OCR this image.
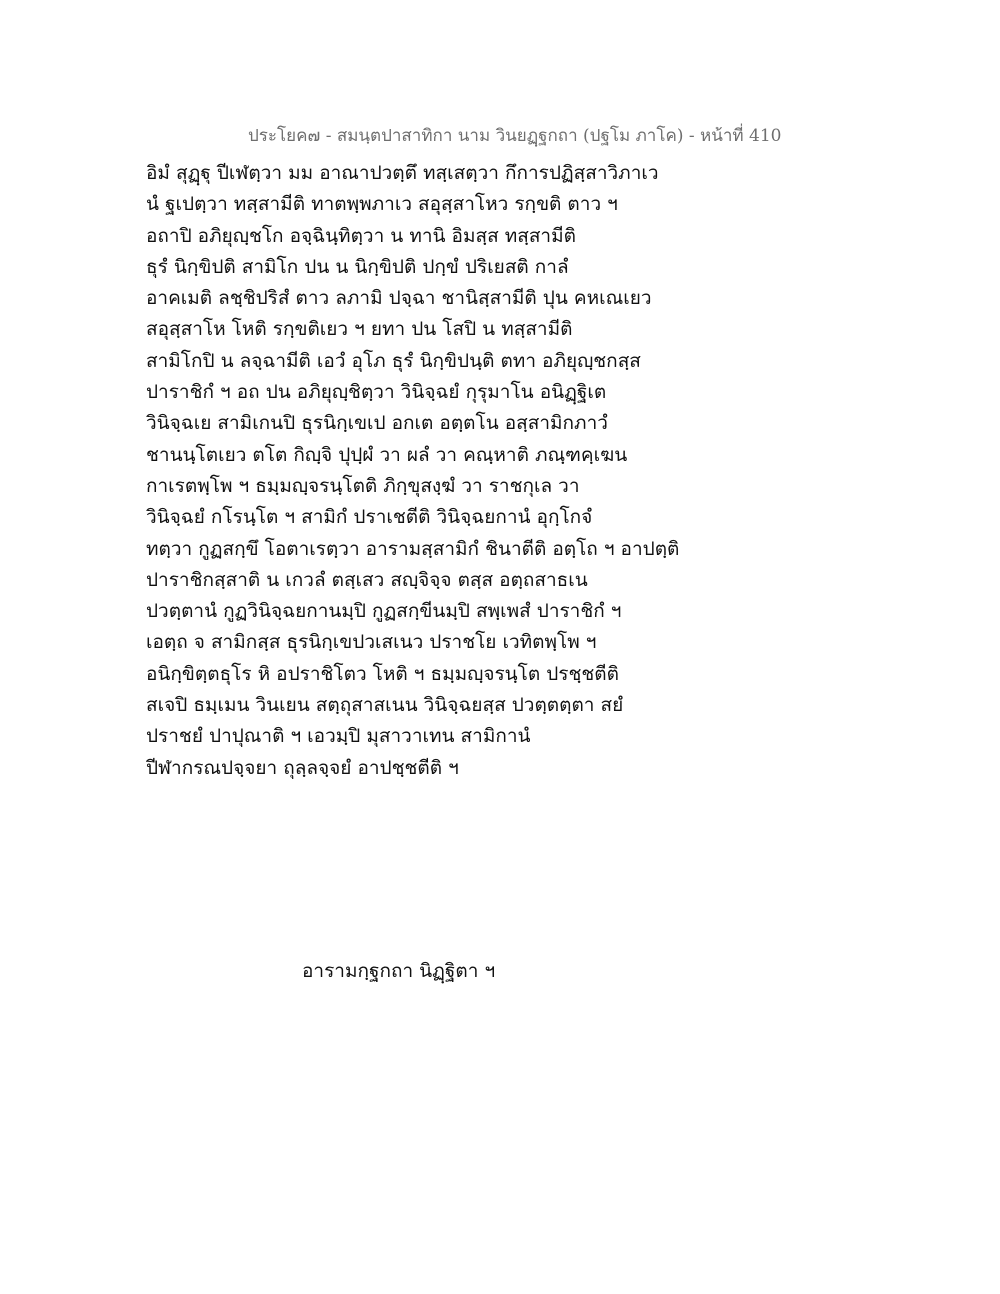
ประโยค๗ - สมนฺตปาสาทิกา นาม วินยฏฺฐกถา (ปฐโม ภาโค) - หน้าที่ 410
อิมํ สุฏฺฐุ ปีเฬตฺวา มม อาณาปวตฺตึ ทสฺเสตฺวา กึการปฏิสฺสาวิภาเว
นํ ฐเปตฺวา ทสฺสามีติ ทาตพฺพภาเว สอุสฺสาโหว รกฺขติ ตาว ฯ
อถาปิ อภิยุญฺชโก อจฺฉินฺทิตฺวา น ทานิ อิมสฺส ทสฺสามีติ
ธุรํ นิกฺขิปติ สามิโก ปน น นิกฺขิปติ ปกฺขํ ปริเยสติ กาลํ
อาคเมติ ลชฺชิปริสํ ตาว ลภามิ ปจฺฉา ชานิสฺสามีติ ปุน คหเณเยว
สอุสฺสาโห โหติ รกฺขติเยว ฯ ยทา ปน โสปิ น ทสฺสามีติ
สามิโกปิ น ลจฺฉามีติ เอวํ อุโภ ธุรํ นิกฺขิปนฺติ ตทา อภิยุญฺชกสฺส
ปาราชิกํ ฯ อถ ปน อภิยุญฺชิตฺวา วินิจฺฉยํ กุรุมาโน อนิฏฺฐิเต
วินิจฺฉเย สามิเกนปิ ธุรนิกฺเขเป อกเต อตฺตโน อสฺสามิกภาวํ
ชานนฺโตเยว ตโต กิญฺจิ ปุปฺผํ วา ผลํ วา คณฺหาติ ภณฺฑคฺเฆน
กาเรตพฺโพ ฯ ธมฺมญฺจรนฺโตติ ภิกฺขุสงฺฆํ วา ราชกุเล วา
วินิจฺฉยํ กโรนฺโต ฯ สามิกํ ปราเชตีติ วินิจฺฉยกานํ อุกฺโกจํ
ทตฺวา กูฏสกฺขึ โอตาเรตฺวา อารามสฺสามิกํ ชินาตีติ อตฺโถ ฯ อาปตฺติ
ปาราชิกสฺสาติ น เกวลํ ตสฺเสว สญฺจิจฺจ ตสฺส อตฺถสาธเน
ปวตฺตานํ กูฏวินิจฺฉยกานมฺปิ กูฏสกฺขีนมฺปิ สพฺเพสํ ปาราชิกํ ฯ
เอตฺถ จ สามิกสฺส ธุรนิกฺเขปวเสเนว ปราชโย เวทิตพฺโพ ฯ
อนิกฺขิตฺตธุโร หิ อปราชิโตว โหติ ฯ ธมฺมญฺจรนฺโต ปรชฺชตีติ
สเจปิ ธมฺเมน วินเยน สตฺถุสาสเนน วินิจฺฉยสฺส ปวตฺตตฺตา สยํ
ปราชยํ ปาปุณาติ ฯ เอวมฺปิ มุสาวาเทน สามิกานํ
ปีฬากรณปจฺจยา ถุลฺลจฺจยํ อาปชฺชตีติ ฯ
อารามกฺฐกถา นิฏฺฐิตา ฯ
